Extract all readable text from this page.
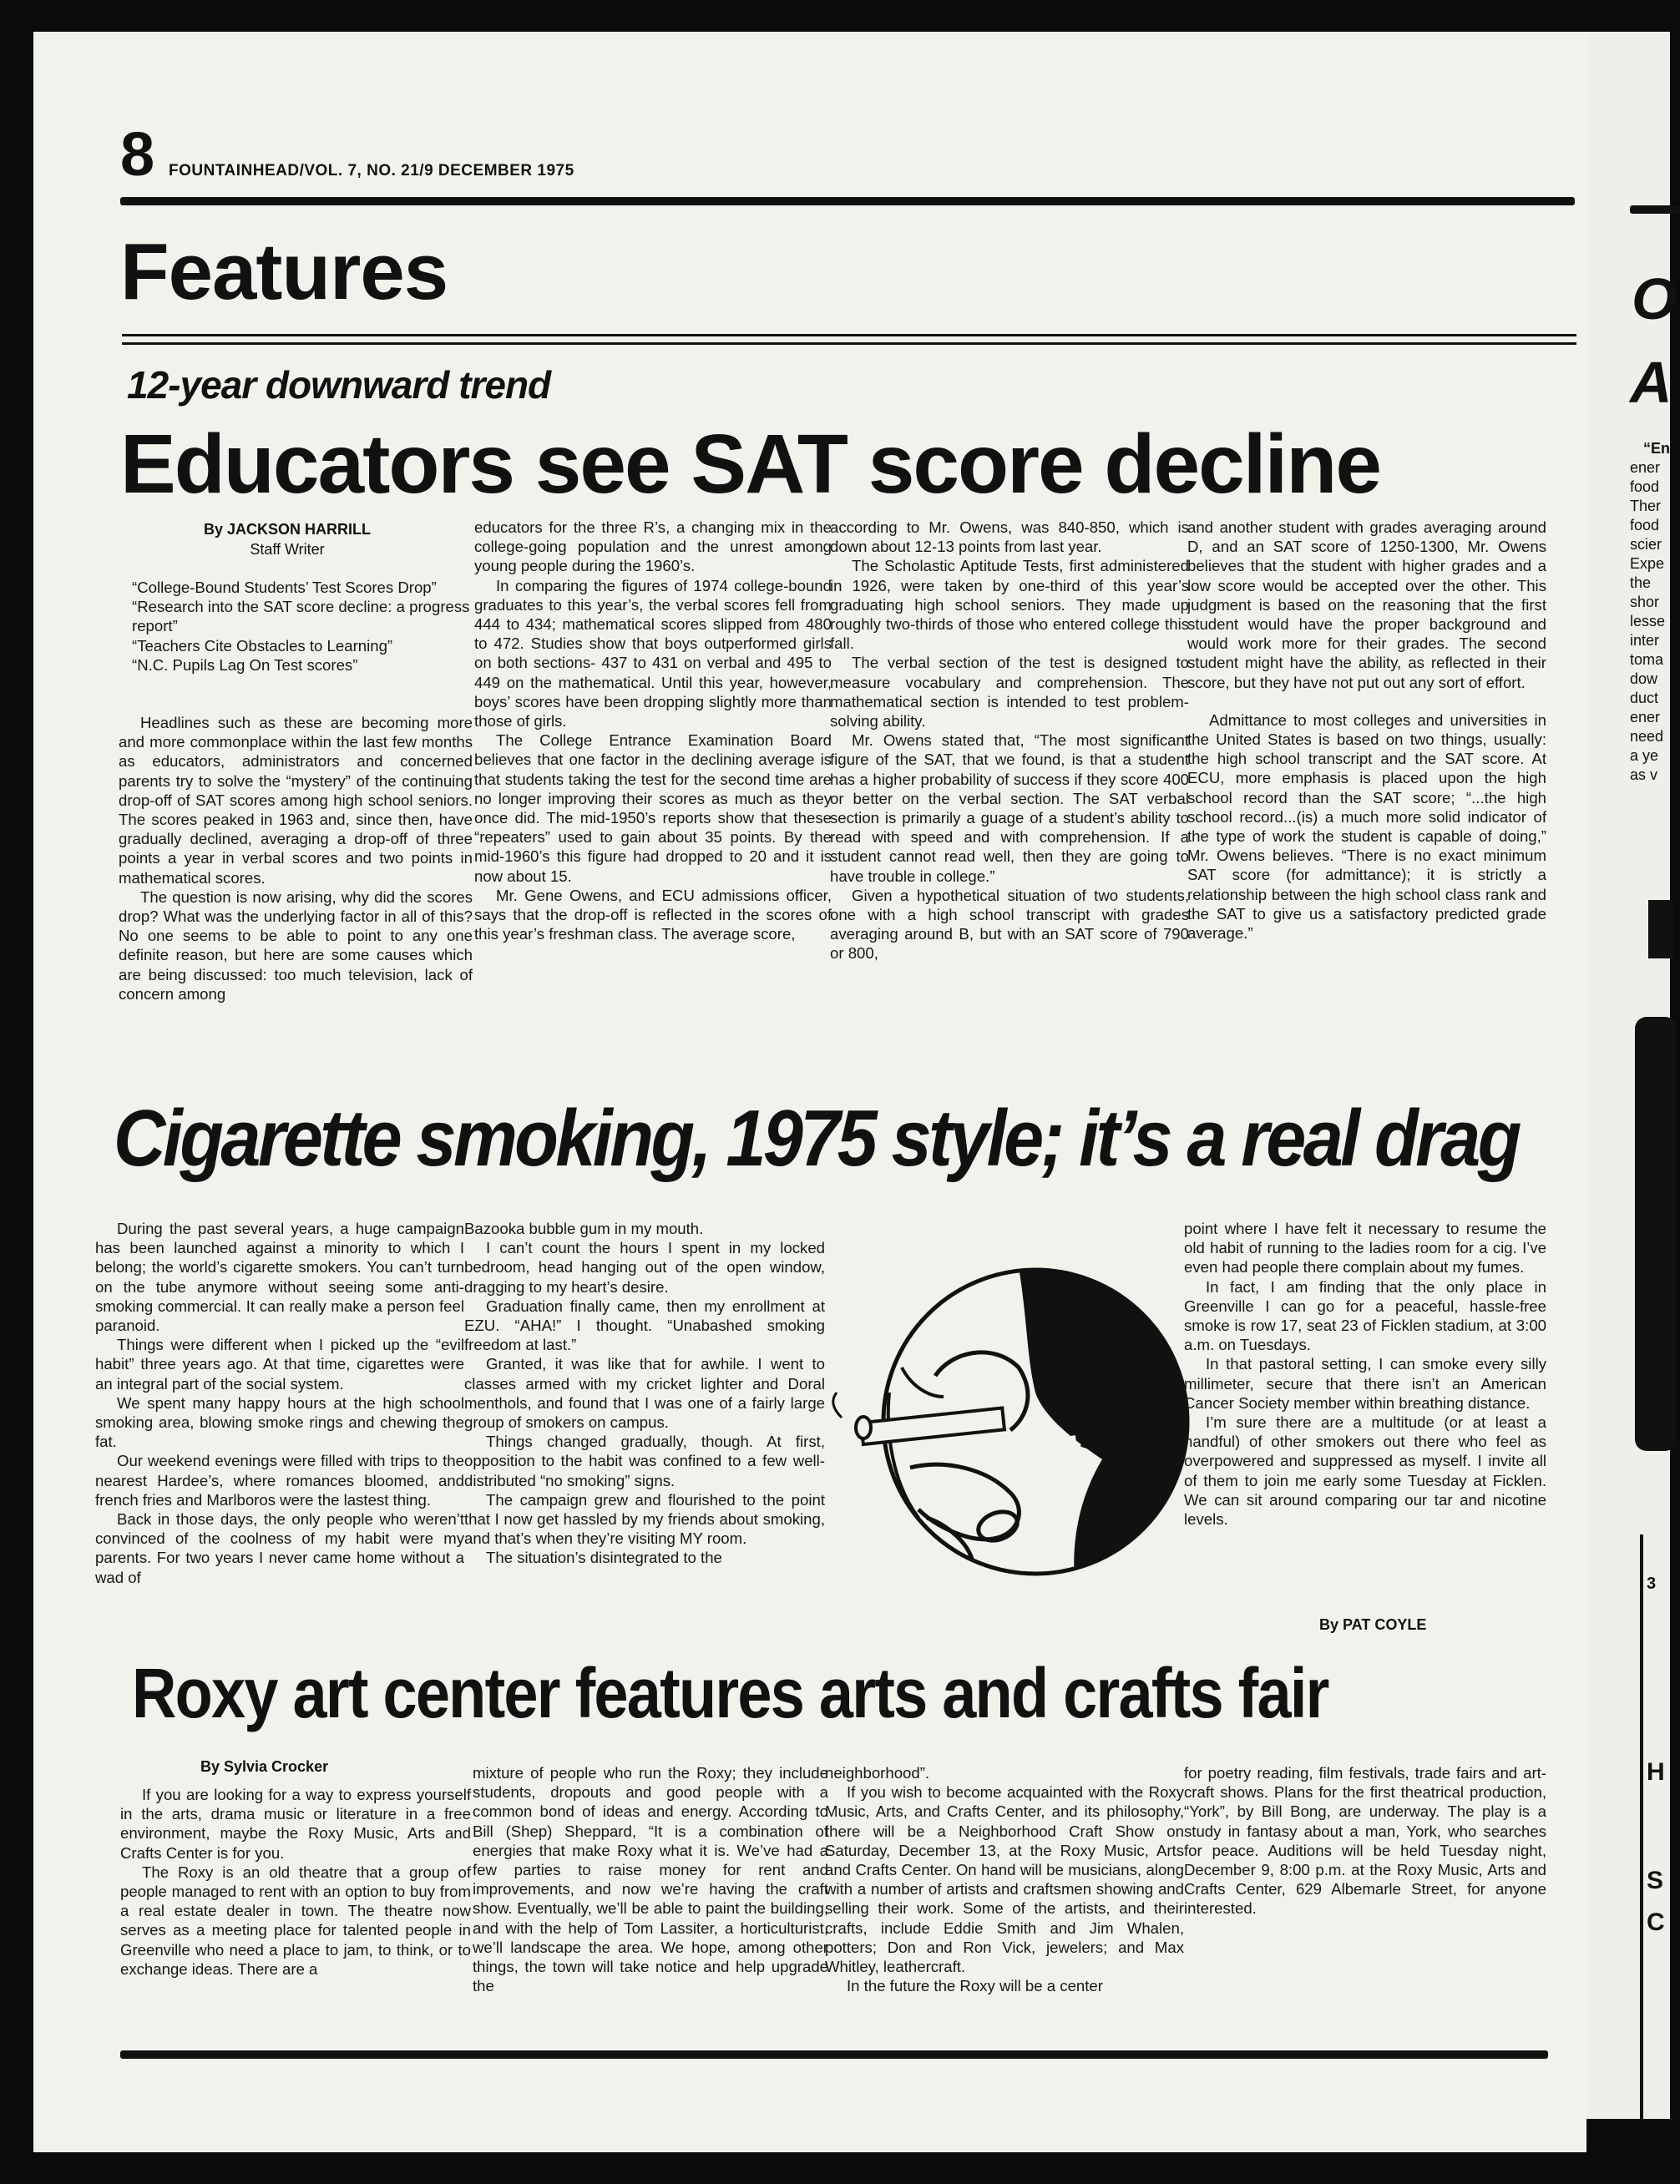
8 FOUNTAINHEAD/VOL. 7, NO. 21/9 DECEMBER 1975
Features
12-year downward trend
Educators see SAT score decline
By JACKSON HARRILL
Staff Writer

“College-Bound Students’ Test Scores Drop”

“Research into the SAT score decline: a progress report”

“Teachers Cite Obstacles to Learning”

“N.C. Pupils Lag On Test scores”

Headlines such as these are becoming more and more commonplace within the last few months as educators, administrators and concerned parents try to solve the “mystery” of the continuing drop-off of SAT scores among high school seniors. The scores peaked in 1963 and, since then, have gradually declined, averaging a drop-off of three points a year in verbal scores and two points in mathematical scores.

The question is now arising, why did the scores drop? What was the underlying factor in all of this? No one seems to be able to point to any one definite reason, but here are some causes which are being discussed: too much television, lack of concern among

educators for the three R’s, a changing mix in the college-going population and the unrest among young people during the 1960’s.

In comparing the figures of 1974 college-bound graduates to this year’s, the verbal scores fell from 444 to 434; mathematical scores slipped from 480 to 472. Studies show that boys outperformed girls on both sections- 437 to 431 on verbal and 495 to 449 on the mathematical. Until this year, however, boys’ scores have been dropping slightly more than those of girls.

The College Entrance Examination Board believes that one factor in the declining average is that students taking the test for the second time are no longer improving their scores as much as they once did. The mid-1950’s reports show that these “repeaters” used to gain about 35 points. By the mid-1960’s this figure had dropped to 20 and it is now about 15.

Mr. Gene Owens, and ECU admissions officer, says that the drop-off is reflected in the scores of this year’s freshman class. The average score,

according to Mr. Owens, was 840-850, which is down about 12-13 points from last year.

The Scholastic Aptitude Tests, first administered in 1926, were taken by one-third of this year’s graduating high school seniors. They made up roughly two-thirds of those who entered college this fall.

The verbal section of the test is designed to measure vocabulary and comprehension. The mathematical section is intended to test problem-solving ability.

Mr. Owens stated that, “The most significant figure of the SAT, that we found, is that a student has a higher probability of success if they score 400 or better on the verbal section. The SAT verbal section is primarily a guage of a student’s ability to read with speed and with comprehension. If a student cannot read well, then they are going to have trouble in college.”

Given a hypothetical situation of two students, one with a high school transcript with grades averaging around B, but with an SAT score of 790 or 800,

and another student with grades averaging around D, and an SAT score of 1250-1300, Mr. Owens believes that the student with higher grades and a low score would be accepted over the other. This judgment is based on the reasoning that the first student would have the proper background and would work more for their grades. The second student might have the ability, as reflected in their score, but they have not put out any sort of effort.

Admittance to most colleges and universities in the United States is based on two things, usually: the high school transcript and the SAT score. At ECU, more emphasis is placed upon the high school record than the SAT score; “...the high school record...(is) a much more solid indicator of the type of work the student is capable of doing,” Mr. Owens believes. “There is no exact minimum SAT score (for admittance); it is strictly a relationship between the high school class rank and the SAT to give us a satisfactory predicted grade average.”

Cigarette smoking, 1975 style; it’s a real drag

During the past several years, a huge campaign has been launched against a minority to which I belong; the world’s cigarette smokers. You can’t turn on the tube anymore without seeing some anti-smoking commercial. It can really make a person feel paranoid.

Things were different when I picked up the “evil habit” three years ago. At that time, cigarettes were an integral part of the social system.

We spent many happy hours at the high school smoking area, blowing smoke rings and chewing the fat.

Our weekend evenings were filled with trips to the nearest Hardee’s, where romances bloomed, and french fries and Marlboros were the lastest thing.

Back in those days, the only people who weren’t convinced of the coolness of my habit were my parents. For two years I never came home without a wad of

Bazooka bubble gum in my mouth.

I can’t count the hours I spent in my locked bedroom, head hanging out of the open window, dragging to my heart’s desire.

Graduation finally came, then my enrollment at EZU. “AHA!” I thought. “Unabashed smoking freedom at last.”

Granted, it was like that for awhile. I went to classes armed with my cricket lighter and Doral menthols, and found that I was one of a fairly large group of smokers on campus.

Things changed gradually, though. At first, opposition to the habit was confined to a few well-distributed “no smoking” signs.

The campaign grew and flourished to the point that I now get hassled by my friends about smoking, and that’s when they’re visiting MY room.

The situation’s disintegrated to the

point where I have felt it necessary to resume the old habit of running to the ladies room for a cig. I’ve even had people there complain about my fumes.

In fact, I am finding that the only place in Greenville I can go for a peaceful, hassle-free smoke is row 17, seat 23 of Ficklen stadium, at 3:00 a.m. on Tuesdays.

In that pastoral setting, I can smoke every silly millimeter, secure that there isn’t an American Cancer Society member within breathing distance.

I’m sure there are a multitude (or at least a handful) of other smokers out there who feel as overpowered and suppressed as myself. I invite all of them to join me early some Tuesday at Ficklen. We can sit around comparing our tar and nicotine levels.

By PAT COYLE
Roxy art center features arts and crafts fair
By Sylvia Crocker

If you are looking for a way to express yourself in the arts, drama music or literature in a free environment, maybe the Roxy Music, Arts and Crafts Center is for you.

The Roxy is an old theatre that a group of people managed to rent with an option to buy from a real estate dealer in town. The theatre now serves as a meeting place for talented people in Greenville who need a place to jam, to think, or to exchange ideas. There are a

mixture of people who run the Roxy; they include students, dropouts and good people with a common bond of ideas and energy. According to Bill (Shep) Sheppard, “It is a combination of energies that make Roxy what it is. We’ve had a few parties to raise money for rent and improvements, and now we’re having the craft show. Eventually, we’ll be able to paint the building, and with the help of Tom Lassiter, a horticulturist, we’ll landscape the area. We hope, among other things, the town will take notice and help upgrade the

neighborhood”.

If you wish to become acquainted with the Roxy Music, Arts, and Crafts Center, and its philosophy, there will be a Neighborhood Craft Show on Saturday, December 13, at the Roxy Music, Arts and Crafts Center. On hand will be musicians, along with a number of artists and craftsmen showing and selling their work. Some of the artists, and their crafts, include Eddie Smith and Jim Whalen, potters; Don and Ron Vick, jewelers; and Max Whitley, leathercraft.

In the future the Roxy will be a center

for poetry reading, film festivals, trade fairs and art-craft shows. Plans for the first theatrical production, “York”, by Bill Bong, are underway. The play is a study in fantasy about a man, York, who searches for peace. Auditions will be held Tuesday night, December 9, 8:00 p.m. at the Roxy Music, Arts and Crafts Center, 629 Albemarle Street, for anyone interested.

O
A
“En
ener
food
Ther
food
scier
Expe
the
shor
lesse
inter
toma
dow
duct
ener
need
a ye
as v
3
H
S
C
